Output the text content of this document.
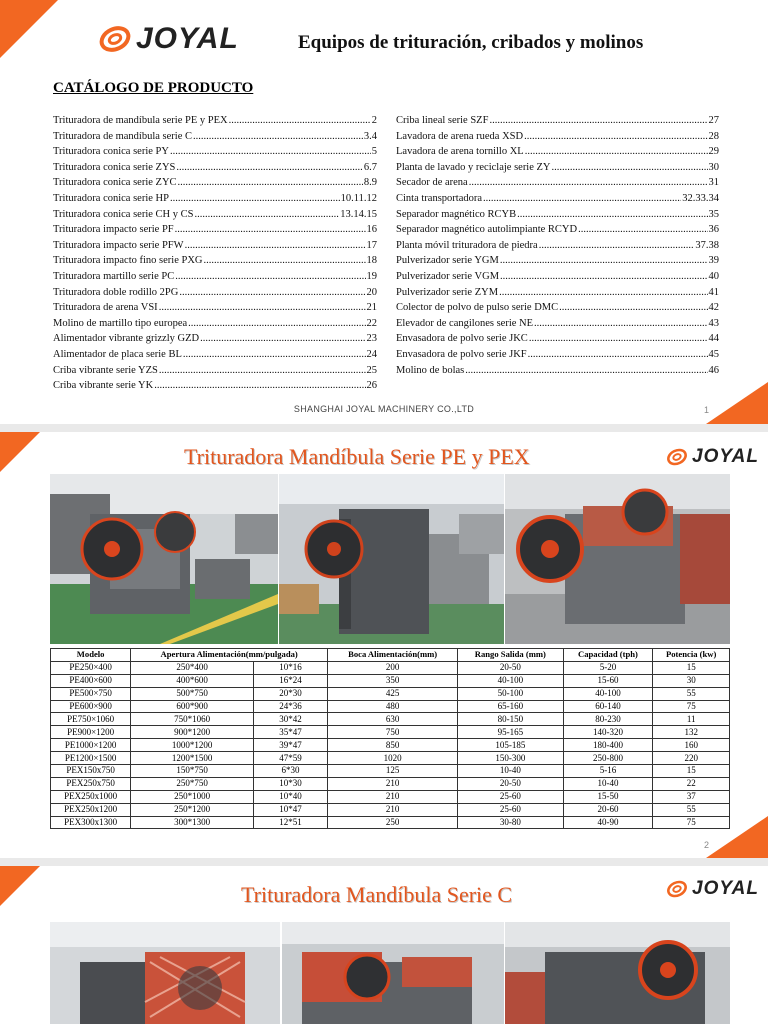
JOYAL	Equipos de trituración, cribados y molinos
CATÁLOGO DE PRODUCTO
Trituradora de mandíbula serie PE y PEX .....	2
Trituradora de mandíbula serie C .....	3.4
Trituradora conica serie PY .....	5
Trituradora conica serie ZYS .....	6.7
Trituradora conica serie ZYC .....	8.9
Trituradora conica serie HP .....	10.11.12
Trituradora conica serie CH y CS .....	13.14.15
Trituradora impacto serie PF .....	16
Trituradora impacto serie PFW .....	17
Trituradora impacto fino serie PXG .....	18
Trituradora martillo serie PC .....	19
Trituradora doble rodillo 2PG .....	20
Trituradora de arena VSI .....	21
Molino de martillo tipo europea .....	22
Alimentador vibrante grizzly GZD .....	23
Alimentador de placa serie BL .....	24
Criba vibrante serie YZS .....	25
Criba vibrante serie YK .....	26
Criba lineal serie SZF .....	27
Lavadora de arena rueda XSD .....	28
Lavadora de arena tornillo XL .....	29
Planta de lavado y reciclaje serie ZY .....	30
Secador de arena .....	31
Cinta transportadora .....	32.33.34
Separador magnético RCYB .....	35
Separador magnético autolimpiante RCYD .....	36
Planta móvil trituradora de piedra .....	37.38
Pulverizador serie YGM .....	39
Pulverizador serie VGM .....	40
Pulverizador serie ZYM .....	41
Colector de polvo de pulso serie DMC .....	42
Elevador de cangilones serie NE .....	43
Envasadora de polvo serie JKC .....	44
Envasadora de polvo serie JKF .....	45
Molino de bolas .....	46
SHANGHAI JOYAL MACHINERY CO.,LTD	1
Trituradora Mandíbula Serie PE y PEX	JOYAL
Modelo	Apertura Alimentación(mm/pulgada)		Boca Alimentación(mm)	Rango Salida (mm)	Capacidad (tph)	Potencia (kw)
PE250×400	250*400	10*16	200	20-50	5-20	15
PE400×600	400*600	16*24	350	40-100	15-60	30
PE500×750	500*750	20*30	425	50-100	40-100	55
PE600×900	600*900	24*36	480	65-160	60-140	75
PE750×1060	750*1060	30*42	630	80-150	80-230	11
PE900×1200	900*1200	35*47	750	95-165	140-320	132
PE1000×1200	1000*1200	39*47	850	105-185	180-400	160
PE1200×1500	1200*1500	47*59	1020	150-300	250-800	220
PEX150x750	150*750	6*30	125	10-40	5-16	15
PEX250x750	250*750	10*30	210	20-50	10-40	22
PEX250x1000	250*1000	10*40	210	25-60	15-50	37
PEX250x1200	250*1200	10*47	210	25-60	20-60	55
PEX300x1300	300*1300	12*51	250	30-80	40-90	75
2
Trituradora Mandíbula Serie C	JOYAL
